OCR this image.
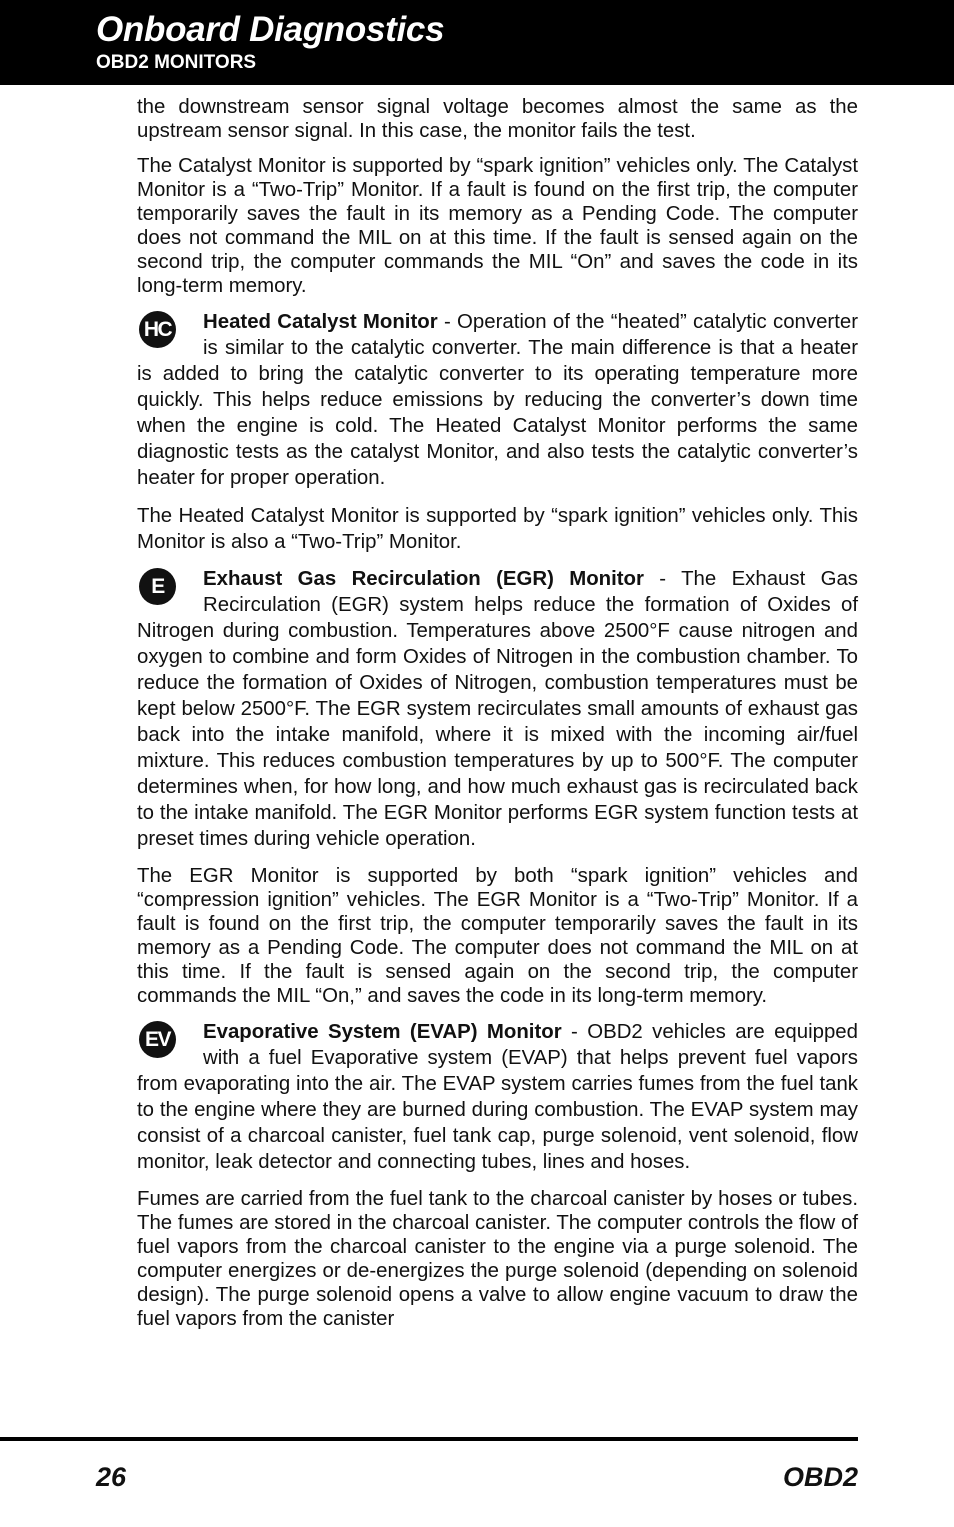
Onboard Diagnostics
OBD2 MONITORS

the downstream sensor signal voltage becomes almost the same as the upstream sensor signal. In this case, the monitor fails the test.

The Catalyst Monitor is supported by “spark ignition” vehicles only. The Catalyst Monitor is a “Two-Trip” Monitor. If a fault is found on the first trip, the computer temporarily saves the fault in its memory as a Pending Code. The computer does not command the MIL on at this time. If the fault is sensed again on the second trip, the computer commands the MIL “On” and saves the code in its long-term memory.

HC	Heated Catalyst Monitor - Operation of the “heated” catalytic converter is similar to the catalytic converter. The main difference is that a heater is added to bring the catalytic converter to its operating temperature more quickly. This helps reduce emissions by reducing the converter’s down time when the engine is cold. The Heated Catalyst Monitor performs the same diagnostic tests as the catalyst Monitor, and also tests the catalytic converter’s heater for proper operation.

The Heated Catalyst Monitor is supported by “spark ignition” vehicles only. This Monitor is also a “Two-Trip” Monitor.

E	Exhaust Gas Recirculation (EGR) Monitor - The Exhaust Gas Recirculation (EGR) system helps reduce the formation of Oxides of Nitrogen during combustion. Temperatures above 2500°F cause nitrogen and oxygen to combine and form Oxides of Nitrogen in the combustion chamber. To reduce the formation of Oxides of Nitrogen, combustion temperatures must be kept below 2500°F. The EGR system recirculates small amounts of exhaust gas back into the intake manifold, where it is mixed with the incoming air/fuel mixture. This reduces combustion temperatures by up to 500°F. The computer determines when, for how long, and how much exhaust gas is recirculated back to the intake manifold. The EGR Monitor performs EGR system function tests at preset times during vehicle operation.

The EGR Monitor is supported by both “spark ignition” vehicles and “compression ignition” vehicles. The EGR Monitor is a “Two-Trip” Monitor. If a fault is found on the first trip, the computer temporarily saves the fault in its memory as a Pending Code. The computer does not command the MIL on at this time. If the fault is sensed again on the second trip, the computer commands the MIL “On,” and saves the code in its long-term memory.

EV	Evaporative System (EVAP) Monitor - OBD2 vehicles are equipped with a fuel Evaporative system (EVAP) that helps prevent fuel vapors from evaporating into the air. The EVAP system carries fumes from the fuel tank to the engine where they are burned during combustion. The EVAP system may consist of a charcoal canister, fuel tank cap, purge solenoid, vent solenoid, flow monitor, leak detector and connecting tubes, lines and hoses.

Fumes are carried from the fuel tank to the charcoal canister by hoses or tubes. The fumes are stored in the charcoal canister. The computer controls the flow of fuel vapors from the charcoal canister to the engine via a purge solenoid. The computer energizes or de-energizes the purge solenoid (depending on solenoid design). The purge solenoid opens a valve to allow engine vacuum to draw the fuel vapors from the canister

26	OBD2
